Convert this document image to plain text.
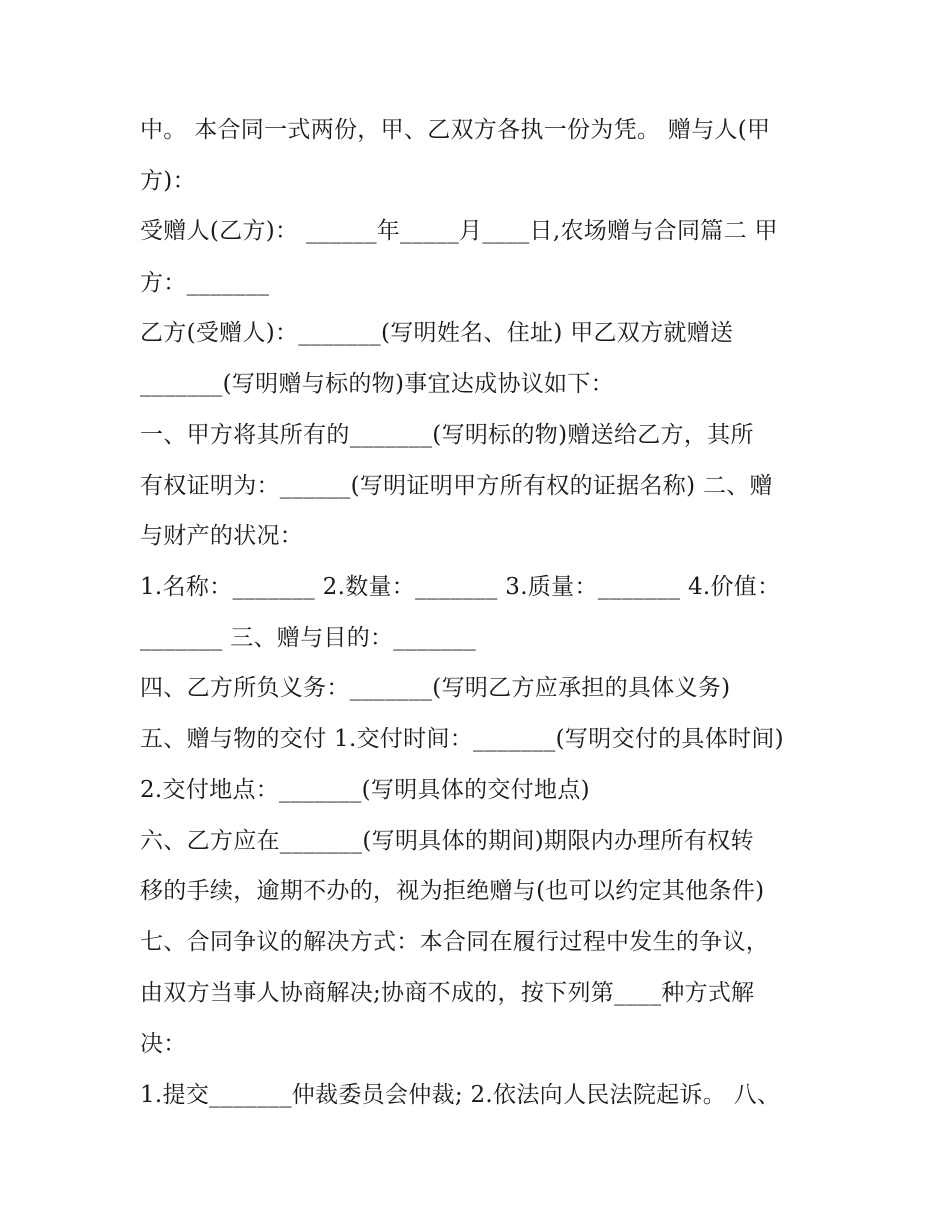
中。 本合同一式两份，甲、乙双方各执一份为凭。 赠与人(甲
方)：
受赠人(乙方)： ______年_____月____日,农场赠与合同篇二 甲
方：_______
乙方(受赠人)：_______(写明姓名、住址) 甲乙双方就赠送
_______(写明赠与标的物)事宜达成协议如下：
一、甲方将其所有的_______(写明标的物)赠送给乙方，其所
有权证明为：______(写明证明甲方所有权的证据名称) 二、赠
与财产的状况：
1.名称：_______ 2.数量：_______ 3.质量：_______ 4.价值：
_______ 三、赠与目的：_______
四、乙方所负义务：_______(写明乙方应承担的具体义务)
五、赠与物的交付 1.交付时间：_______(写明交付的具体时间)
2.交付地点：_______(写明具体的交付地点)
六、乙方应在_______(写明具体的期间)期限内办理所有权转
移的手续，逾期不办的，视为拒绝赠与(也可以约定其他条件)
七、合同争议的解决方式：本合同在履行过程中发生的争议，
由双方当事人协商解决;协商不成的，按下列第____种方式解
决：
1.提交_______仲裁委员会仲裁; 2.依法向人民法院起诉。 八、
